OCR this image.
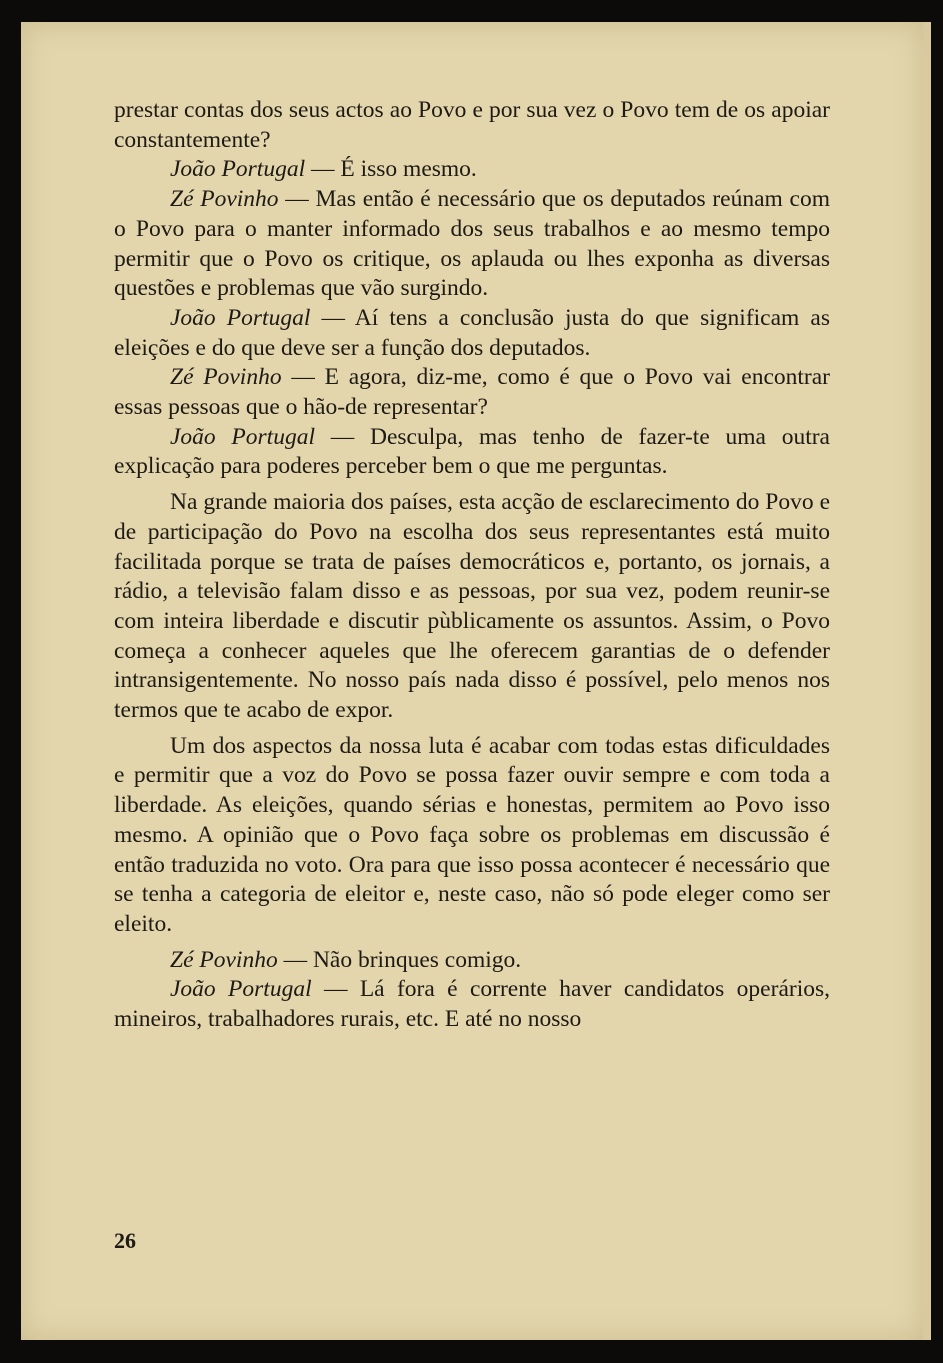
prestar contas dos seus actos ao Povo e por sua vez o Povo tem de os apoiar constantemente?

João Portugal — É isso mesmo.

Zé Povinho — Mas então é necessário que os deputados reúnam com o Povo para o manter informado dos seus trabalhos e ao mesmo tempo permitir que o Povo os critique, os aplauda ou lhes exponha as diversas questões e problemas que vão surgindo.

João Portugal — Aí tens a conclusão justa do que significam as eleições e do que deve ser a função dos deputados.

Zé Povinho — E agora, diz-me, como é que o Povo vai encontrar essas pessoas que o hão-de representar?

João Portugal — Desculpa, mas tenho de fazer-te uma outra explicação para poderes perceber bem o que me perguntas.

Na grande maioria dos países, esta acção de esclarecimento do Povo e de participação do Povo na escolha dos seus representantes está muito facilitada porque se trata de países democráticos e, portanto, os jornais, a rádio, a televisão falam disso e as pessoas, por sua vez, podem reunir-se com inteira liberdade e discutir pùblicamente os assuntos. Assim, o Povo começa a conhecer aqueles que lhe oferecem garantias de o defender intransigentemente. No nosso país nada disso é possível, pelo menos nos termos que te acabo de expor.

Um dos aspectos da nossa luta é acabar com todas estas dificuldades e permitir que a voz do Povo se possa fazer ouvir sempre e com toda a liberdade. As eleições, quando sérias e honestas, permitem ao Povo isso mesmo. A opinião que o Povo faça sobre os problemas em discussão é então traduzida no voto. Ora para que isso possa acontecer é necessário que se tenha a categoria de eleitor e, neste caso, não só pode eleger como ser eleito.

Zé Povinho — Não brinques comigo.

João Portugal — Lá fora é corrente haver candidatos operários, mineiros, trabalhadores rurais, etc. E até no nosso

26
